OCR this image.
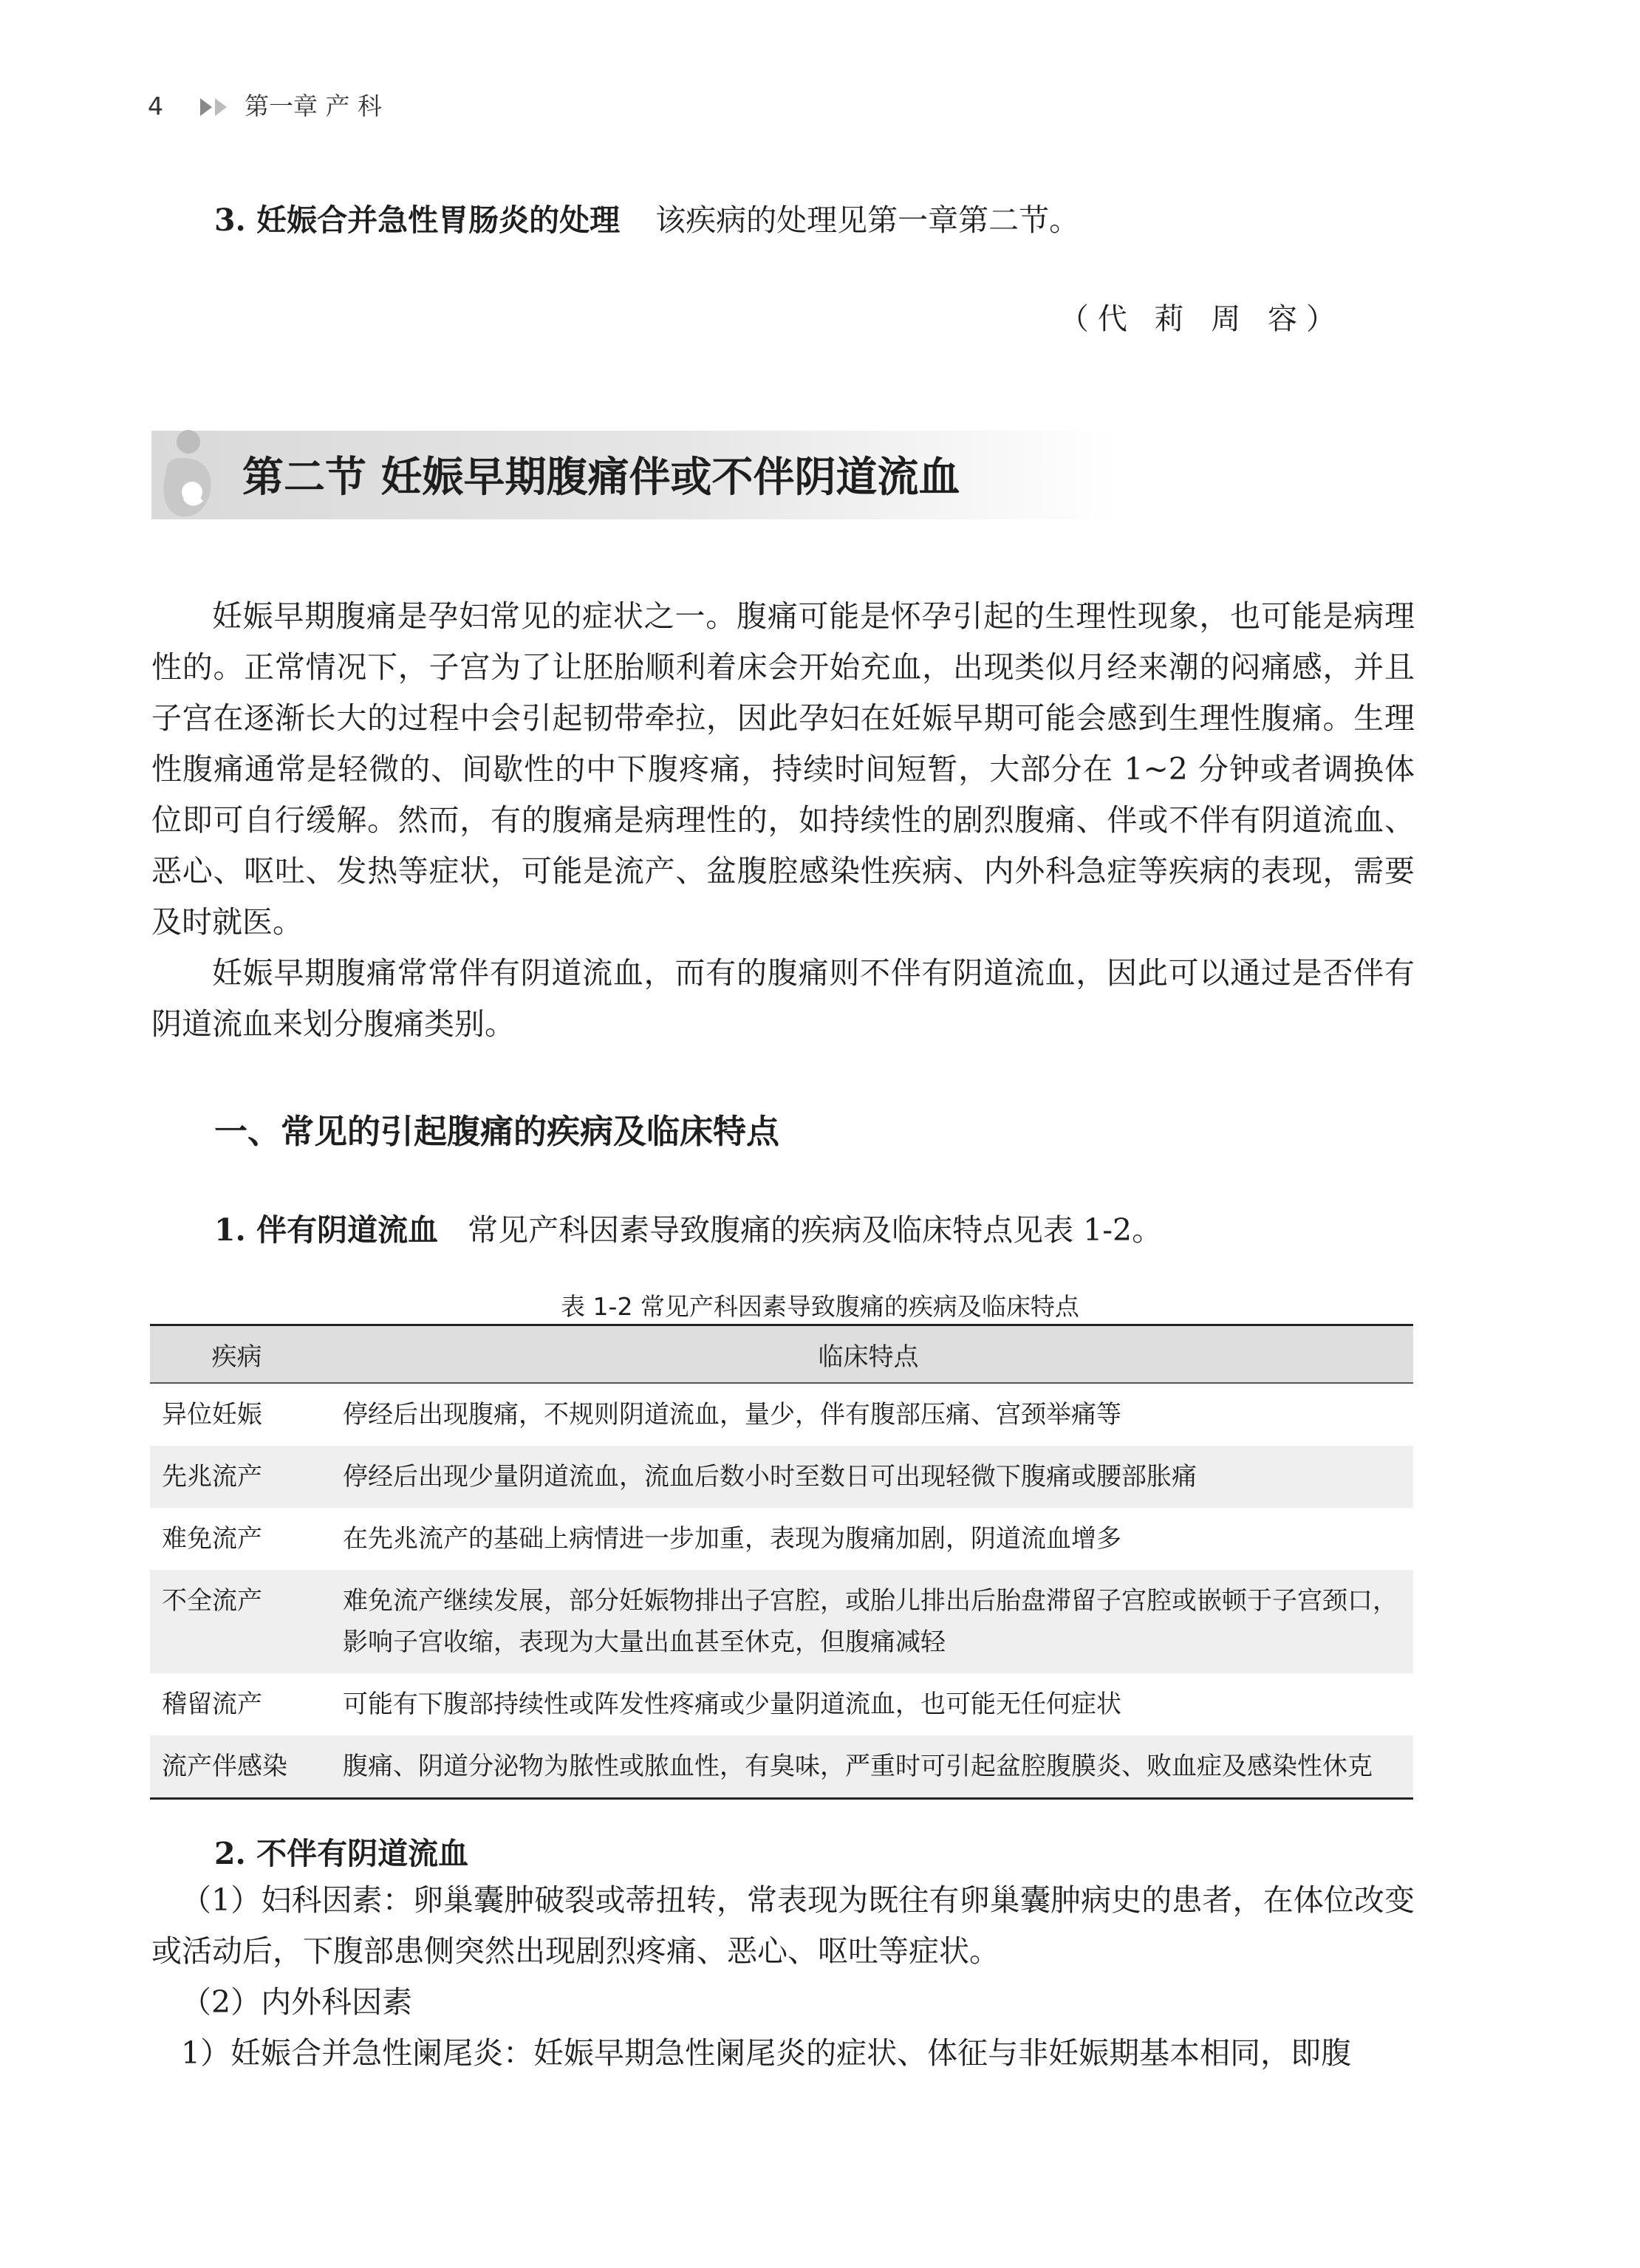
4	第一章 产 科
3. 妊娠合并急性胃肠炎的处理 该疾病的处理见第一章第二节。
（代 莉 周 容）
第二节 妊娠早期腹痛伴或不伴阴道流血
妊娠早期腹痛是孕妇常见的症状之一。腹痛可能是怀孕引起的生理性现象，也可能是病理性的。正常情况下，子宫为了让胚胎顺利着床会开始充血，出现类似月经来潮的闷痛感，并且子宫在逐渐长大的过程中会引起韧带牵拉，因此孕妇在妊娠早期可能会感到生理性腹痛。生理性腹痛通常是轻微的、间歇性的中下腹疼痛，持续时间短暂，大部分在 1~2 分钟或者调换体位即可自行缓解。然而，有的腹痛是病理性的，如持续性的剧烈腹痛、伴或不伴有阴道流血、恶心、呕吐、发热等症状，可能是流产、盆腹腔感染性疾病、内外科急症等疾病的表现，需要及时就医。
妊娠早期腹痛常常伴有阴道流血，而有的腹痛则不伴有阴道流血，因此可以通过是否伴有阴道流血来划分腹痛类别。
一、常见的引起腹痛的疾病及临床特点
1. 伴有阴道流血 常见产科因素导致腹痛的疾病及临床特点见表 1-2。
表 1-2 常见产科因素导致腹痛的疾病及临床特点
疾病	临床特点
异位妊娠	停经后出现腹痛，不规则阴道流血，量少，伴有腹部压痛、宫颈举痛等
先兆流产	停经后出现少量阴道流血，流血后数小时至数日可出现轻微下腹痛或腰部胀痛
难免流产	在先兆流产的基础上病情进一步加重，表现为腹痛加剧，阴道流血增多
不全流产	难免流产继续发展，部分妊娠物排出子宫腔，或胎儿排出后胎盘滞留子宫腔或嵌顿于子宫颈口，影响子宫收缩，表现为大量出血甚至休克，但腹痛减轻
稽留流产	可能有下腹部持续性或阵发性疼痛或少量阴道流血，也可能无任何症状
流产伴感染	腹痛、阴道分泌物为脓性或脓血性，有臭味，严重时可引起盆腔腹膜炎、败血症及感染性休克
2. 不伴有阴道流血
（1）妇科因素：卵巢囊肿破裂或蒂扭转，常表现为既往有卵巢囊肿病史的患者，在体位改变或活动后，下腹部患侧突然出现剧烈疼痛、恶心、呕吐等症状。
（2）内外科因素
1）妊娠合并急性阑尾炎：妊娠早期急性阑尾炎的症状、体征与非妊娠期基本相同，即腹
